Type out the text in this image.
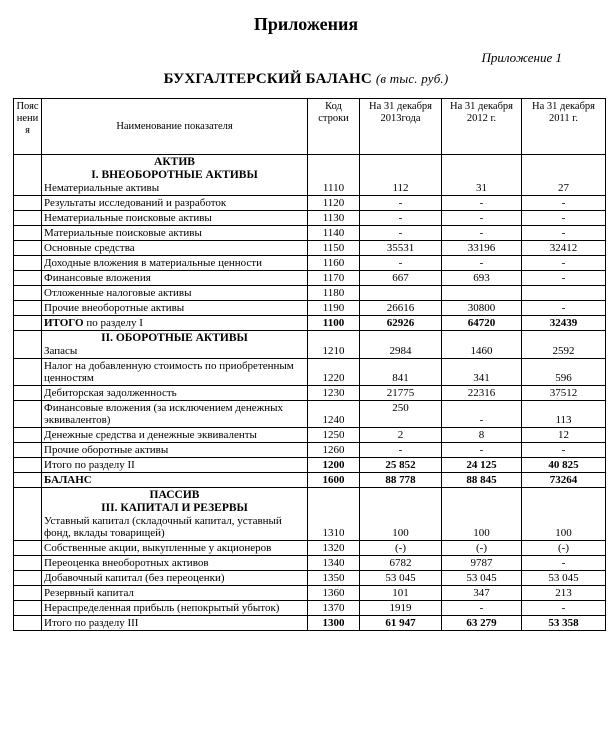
Приложения
Приложение 1
БУХГАЛТЕРСКИЙ БАЛАНС (в тыс. руб.)
Пояснения	Наименование показателя	Код строки	На 31 декабря 2013года	На 31 декабря 2012 г.	На 31 декабря 2011 г.

	АКТИВ
I. ВНЕОБОРОТНЫЕ АКТИВЫ
Нематериальные активы	1110	112	31	27
	Результаты исследований и разработок	1120	-	-	-
	Нематериальные поисковые активы	1130	-	-	-
	Материальные поисковые активы	1140	-	-	-
	Основные средства	1150	35531	33196	32412
	Доходные вложения в материальные ценности	1160	-	-	-
	Финансовые вложения	1170	667	693	-
	Отложенные налоговые активы	1180			
	Прочие внеоборотные активы	1190	26616	30800	-
	ИТОГО по разделу I	1100	62926	64720	32439

	II. ОБОРОТНЫЕ АКТИВЫ
Запасы	1210	2984	1460	2592
	Налог на добавленную стоимость по приобретенным ценностям	1220	841	341	596
	Дебиторская задолженность	1230	21775	22316	37512
	Финансовые вложения (за исключением денежных эквивалентов)	1240	250	-	113
	Денежные средства и денежные эквиваленты	1250	2	8	12
	Прочие оборотные активы	1260	-	-	-
	Итого по разделу II	1200	25 852	24 125	40 825
	БАЛАНС	1600	88 778	88 845	73264

	ПАССИВ
III. КАПИТАЛ И РЕЗЕРВЫ
Уставный капитал (складочный капитал, уставный фонд, вклады товарищей)	1310	100	100	100
	Собственные акции, выкупленные у акционеров	1320	(-)	(-)	(-)
	Переоценка внеоборотных активов	1340	6782	9787	-
	Добавочный капитал (без переоценки)	1350	53 045	53 045	53 045
	Резервный капитал	1360	101	347	213
	Нераспределенная прибыль (непокрытый убыток)	1370	1919	-	-
	Итого по разделу III	1300	61 947	63 279	53 358
